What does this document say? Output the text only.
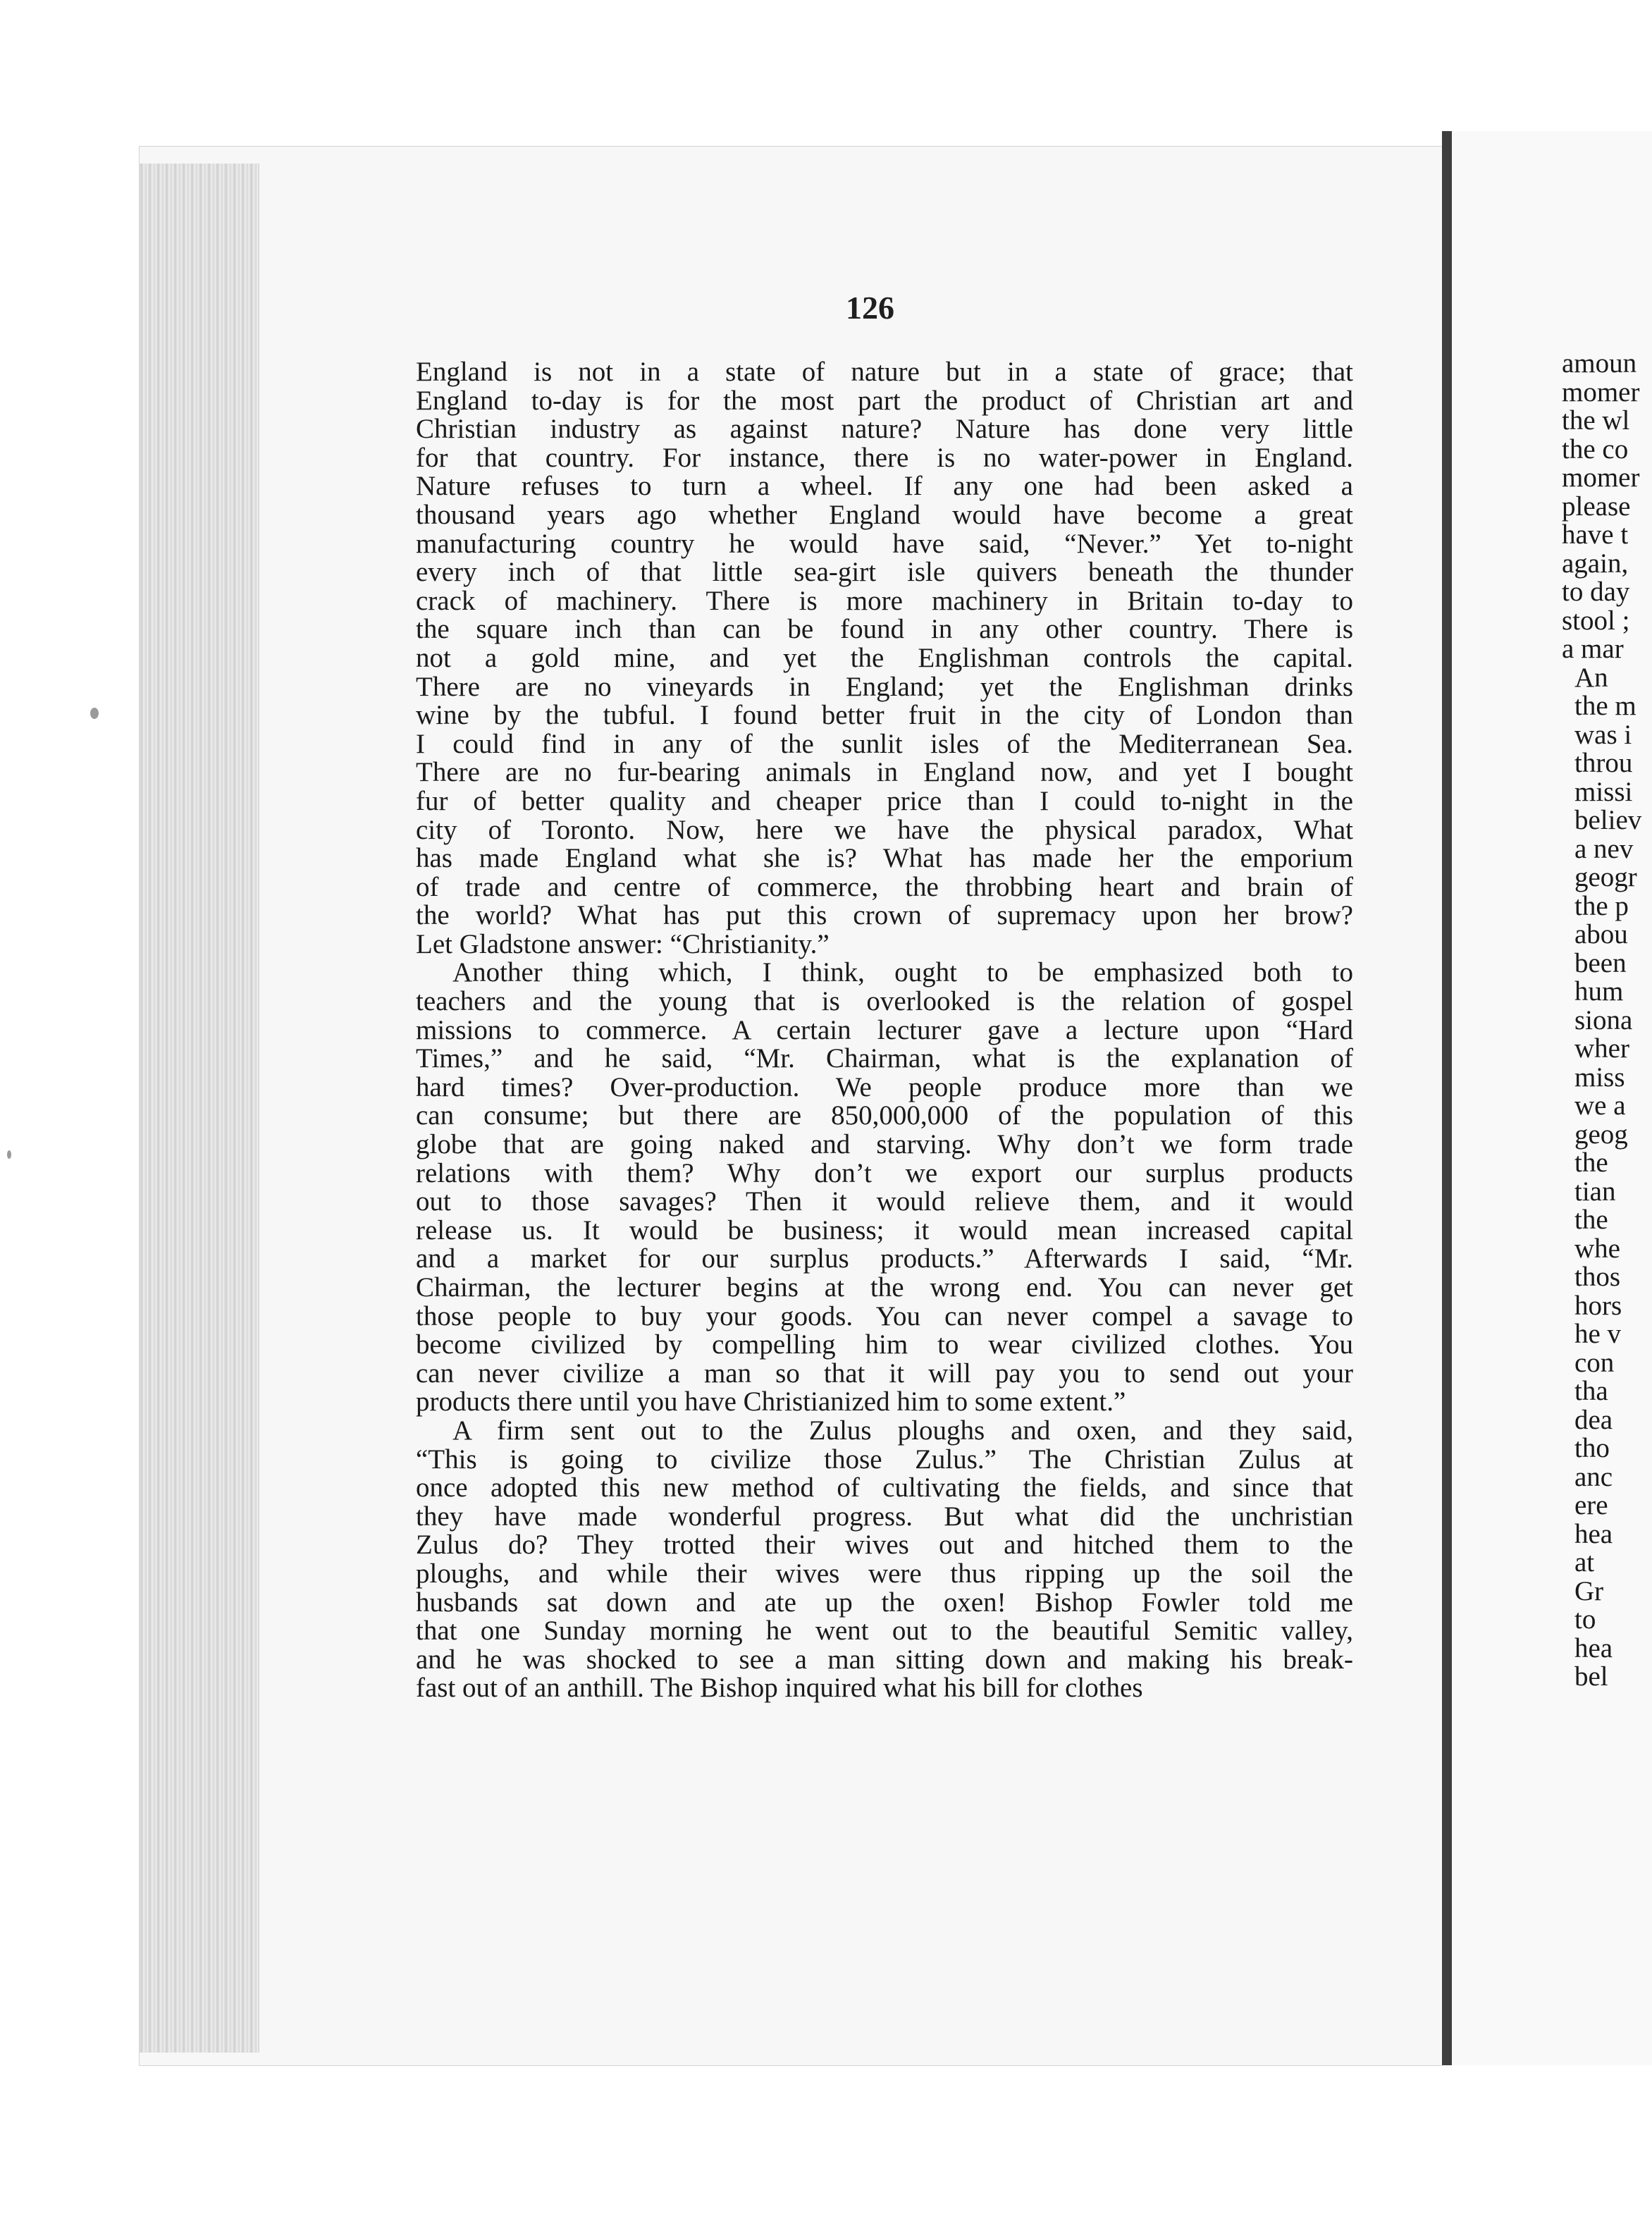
126

England is not in a state of nature but in a state of grace; that

England to-day is for the most part the product of Christian art and

Christian industry as against nature? Nature has done very little

for that country. For instance, there is no water-power in England.

Nature refuses to turn a wheel. If any one had been asked a

thousand years ago whether England would have become a great

manufacturing country he would have said, “Never.” Yet to-night

every inch of that little sea-girt isle quivers beneath the thunder

crack of machinery. There is more machinery in Britain to-day to

the square inch than can be found in any other country. There is

not a gold mine, and yet the Englishman controls the capital.

There are no vineyards in England; yet the Englishman drinks

wine by the tubful. I found better fruit in the city of London than

I could find in any of the sunlit isles of the Mediterranean Sea.

There are no fur-bearing animals in England now, and yet I bought

fur of better quality and cheaper price than I could to-night in the

city of Toronto. Now, here we have the physical paradox, What

has made England what she is? What has made her the emporium

of trade and centre of commerce, the throbbing heart and brain of

the world? What has put this crown of supremacy upon her brow?

Let Gladstone answer: “Christianity.”

Another thing which, I think, ought to be emphasized both to

teachers and the young that is overlooked is the relation of gospel

missions to commerce. A certain lecturer gave a lecture upon “Hard

Times,” and he said, “Mr. Chairman, what is the explanation of

hard times? Over-production. We people produce more than we

can consume; but there are 850,000,000 of the population of this

globe that are going naked and starving. Why don’t we form trade

relations with them? Why don’t we export our surplus products

out to those savages? Then it would relieve them, and it would

release us. It would be business; it would mean increased capital

and a market for our surplus products.” Afterwards I said, “Mr.

Chairman, the lecturer begins at the wrong end. You can never get

those people to buy your goods. You can never compel a savage to

become civilized by compelling him to wear civilized clothes. You

can never civilize a man so that it will pay you to send out your

products there until you have Christianized him to some extent.”

A firm sent out to the Zulus ploughs and oxen, and they said,

“This is going to civilize those Zulus.” The Christian Zulus at

once adopted this new method of cultivating the fields, and since that

they have made wonderful progress. But what did the unchristian

Zulus do? They trotted their wives out and hitched them to the

ploughs, and while their wives were thus ripping up the soil the

husbands sat down and ate up the oxen! Bishop Fowler told me

that one Sunday morning he went out to the beautiful Semitic valley,

and he was shocked to see a man sitting down and making his break-

fast out of an anthill. The Bishop inquired what his bill for clothes

amoun
momer
the wl
the co
momer
please
have t
again,
to day
stool ;
a mar
An
the m
was i
throu
missi
believ
a nev
geogr
the p
abou
been
hum
siona
wher
miss
we a
geog
the
tian
the
whe
thos
hors
he v
con
tha
dea
tho
anc
ere
hea
at
Gr
to
hea
bel
